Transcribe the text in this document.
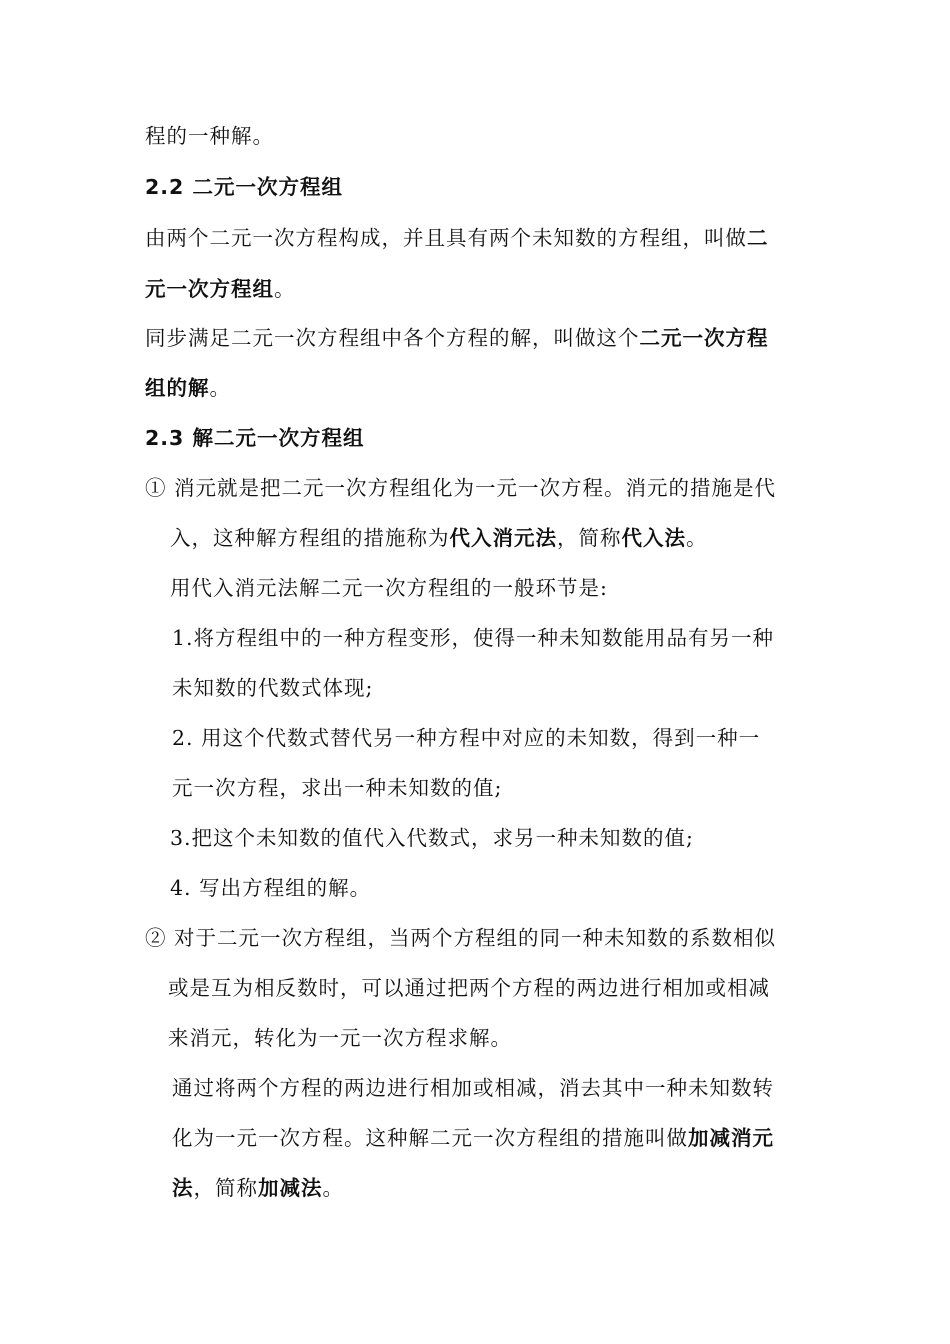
程的一种解。
2.2 二元一次方程组
由两个二元一次方程构成，并且具有两个未知数的方程组，叫做二
元一次方程组。
同步满足二元一次方程组中各个方程的解，叫做这个二元一次方程
组的解。
2.3 解二元一次方程组
① 消元就是把二元一次方程组化为一元一次方程。消元的措施是代
入，这种解方程组的措施称为代入消元法，简称代入法。
用代入消元法解二元一次方程组的一般环节是:
1.将方程组中的一种方程变形，使得一种未知数能用品有另一种
未知数的代数式体现;
2. 用这个代数式替代另一种方程中对应的未知数，得到一种一
元一次方程，求出一种未知数的值;
3.把这个未知数的值代入代数式，求另一种未知数的值;
4. 写出方程组的解。
② 对于二元一次方程组，当两个方程组的同一种未知数的系数相似
或是互为相反数时，可以通过把两个方程的两边进行相加或相减
来消元，转化为一元一次方程求解。
通过将两个方程的两边进行相加或相减，消去其中一种未知数转
化为一元一次方程。这种解二元一次方程组的措施叫做加减消元
法，简称加减法。
